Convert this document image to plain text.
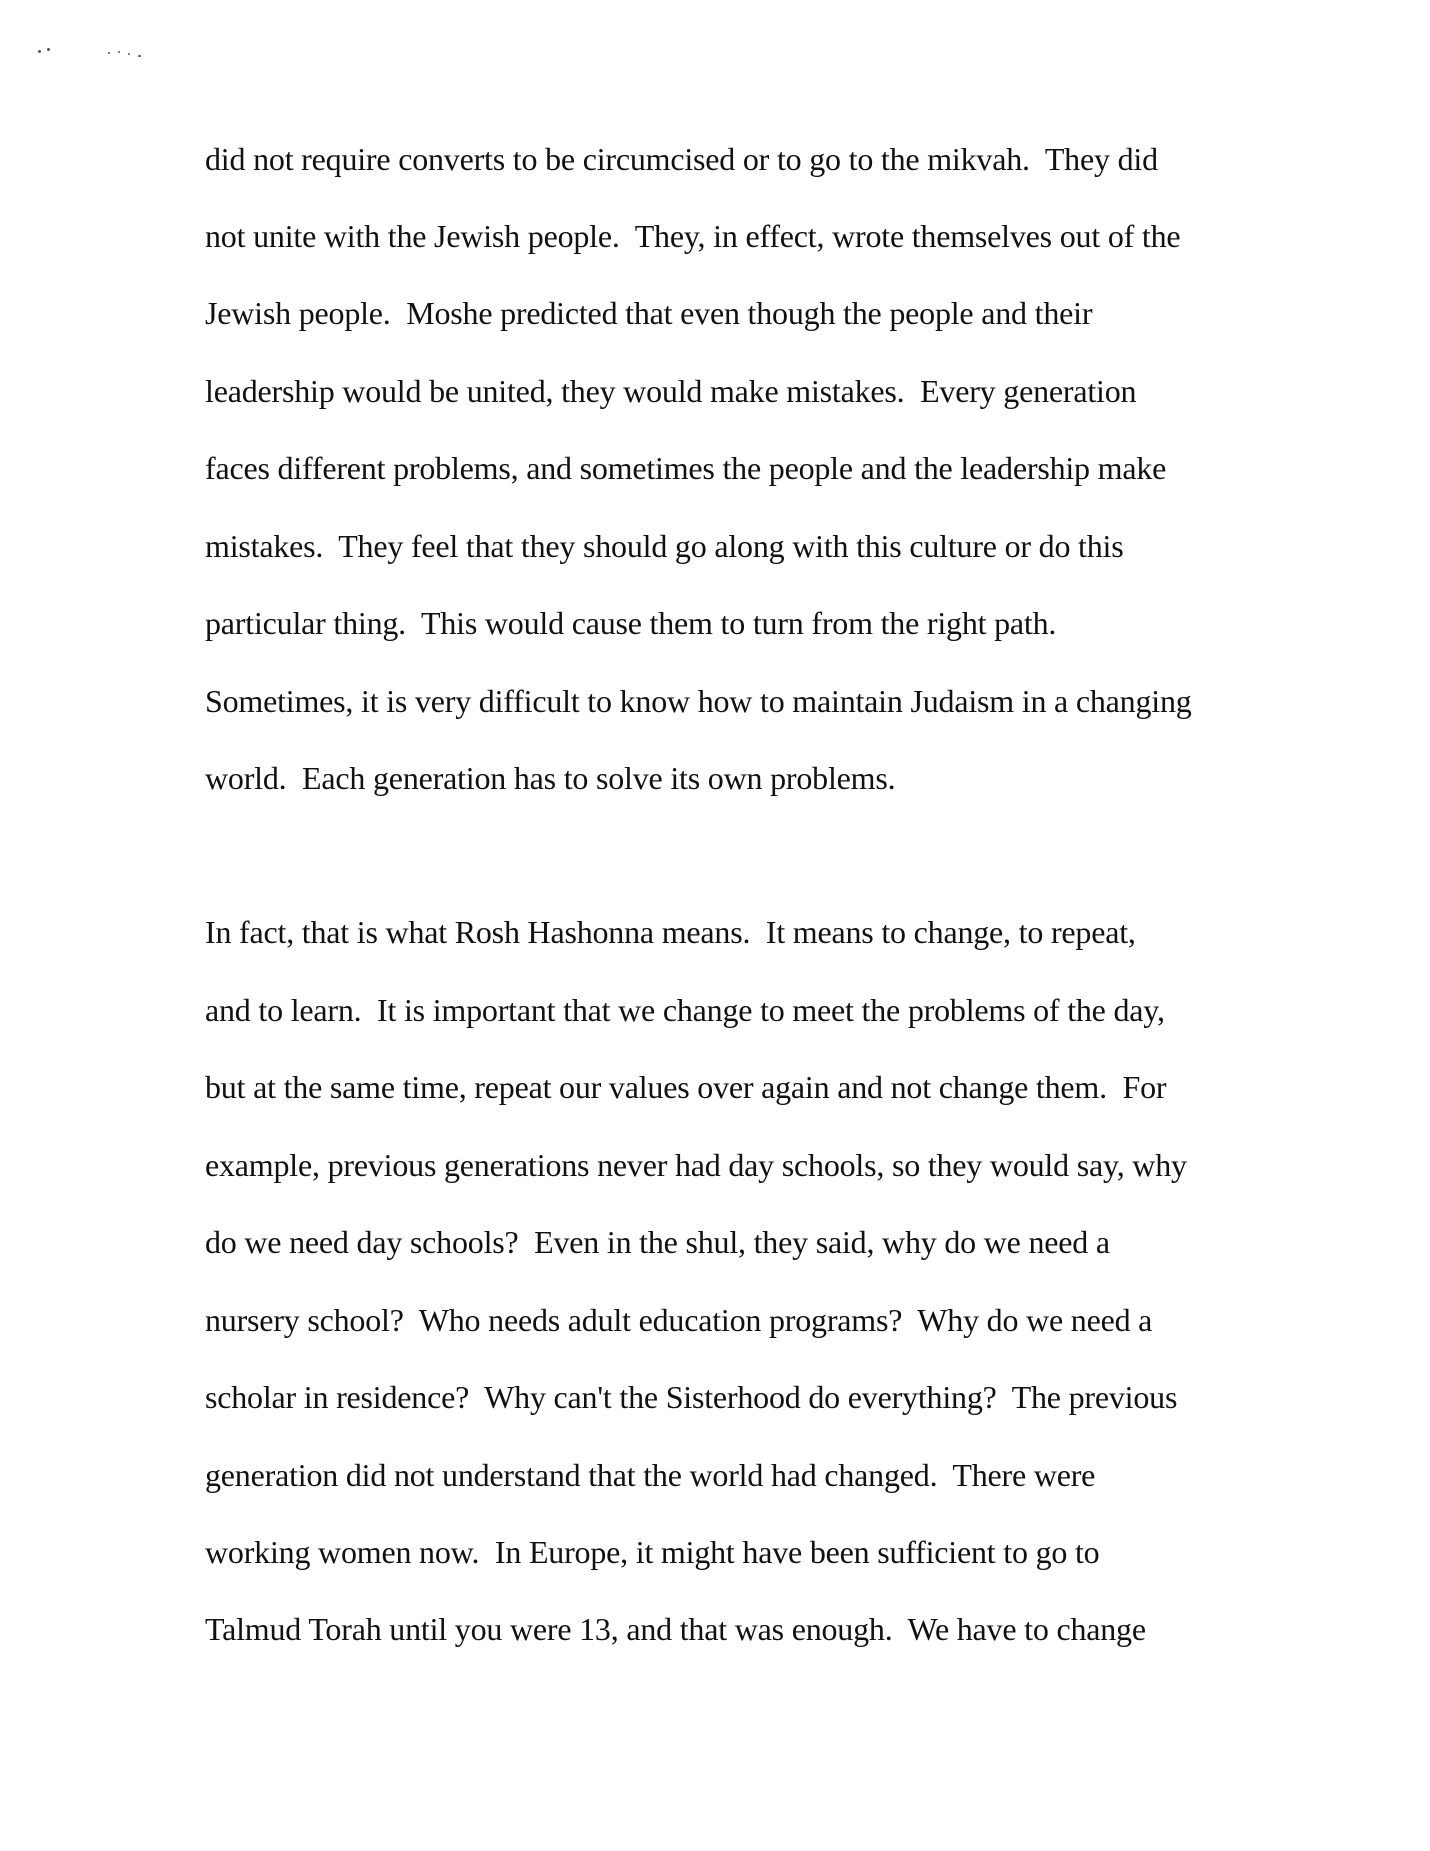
did not require converts to be circumcised or to go to the mikvah.  They did
not unite with the Jewish people.  They, in effect, wrote themselves out of the
Jewish people.  Moshe predicted that even though the people and their
leadership would be united, they would make mistakes.  Every generation
faces different problems, and sometimes the people and the leadership make
mistakes.  They feel that they should go along with this culture or do this
particular thing.  This would cause them to turn from the right path.
Sometimes, it is very difficult to know how to maintain Judaism in a changing
world.  Each generation has to solve its own problems.
In fact, that is what Rosh Hashonna means.  It means to change, to repeat,
and to learn.  It is important that we change to meet the problems of the day,
but at the same time, repeat our values over again and not change them.  For
example, previous generations never had day schools, so they would say, why
do we need day schools?  Even in the shul, they said, why do we need a
nursery school?  Who needs adult education programs?  Why do we need a
scholar in residence?  Why can't the Sisterhood do everything?  The previous
generation did not understand that the world had changed.  There were
working women now.  In Europe, it might have been sufficient to go to
Talmud Torah until you were 13, and that was enough.  We have to change
